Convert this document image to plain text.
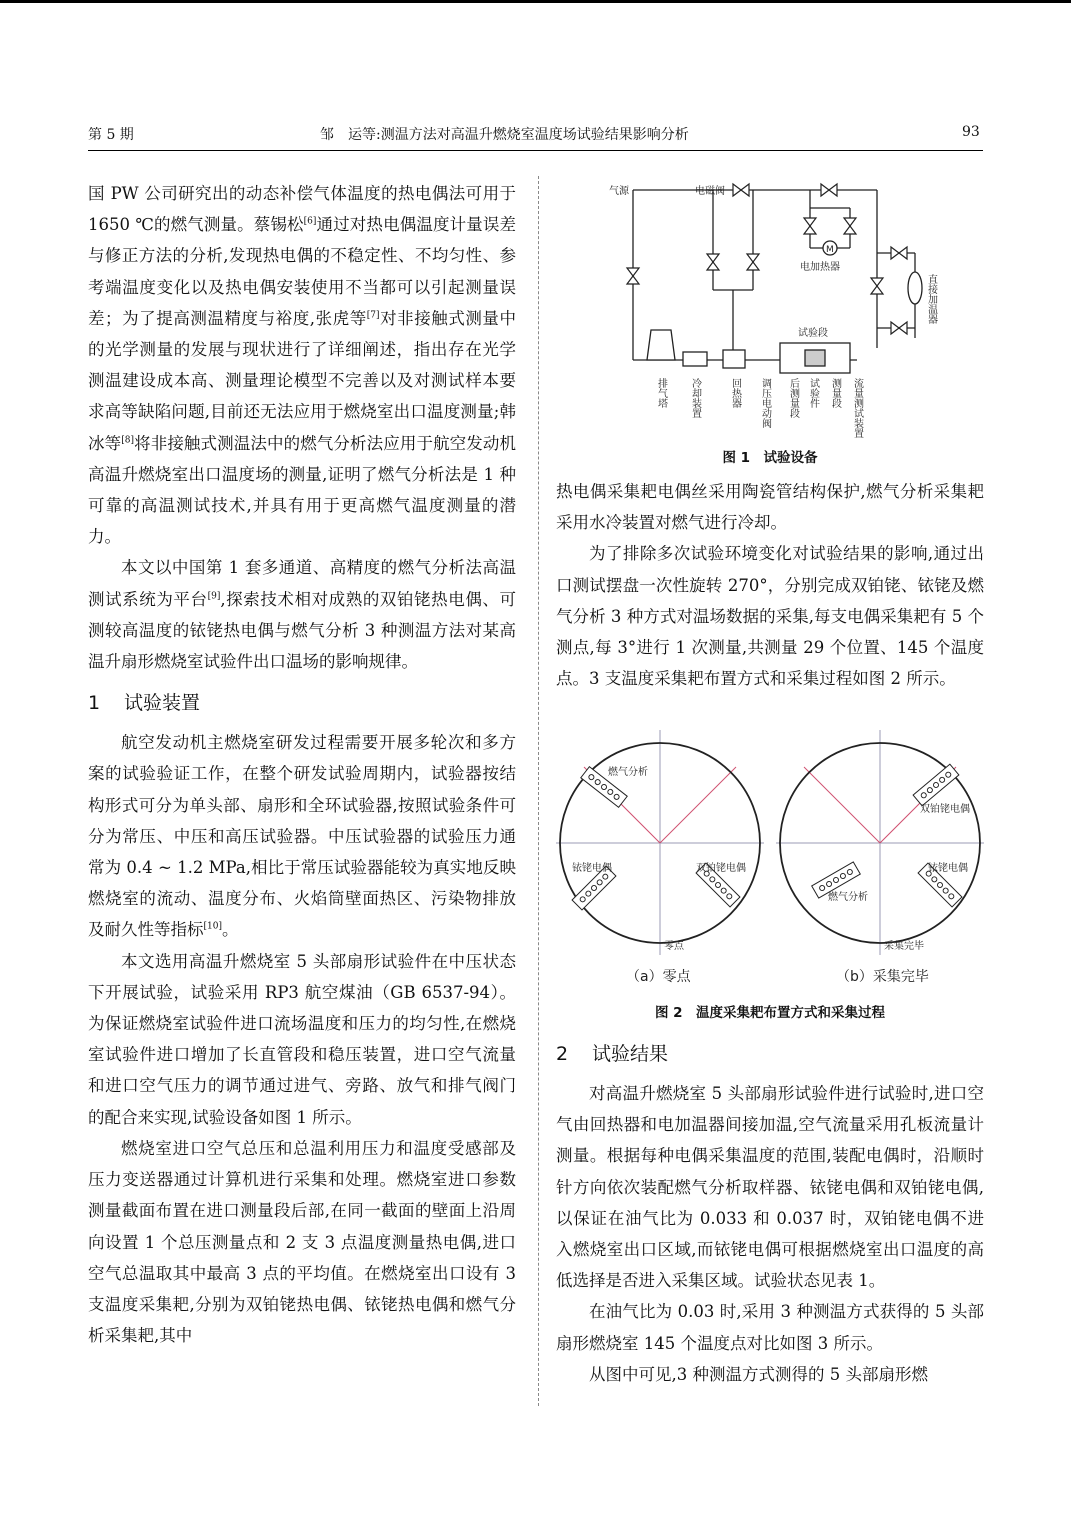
第 5 期	邹　运等:测温方法对高温升燃烧室温度场试验结果影响分析	93

国 PW 公司研究出的动态补偿气体温度的热电偶法可用于 1650 ℃的燃气测量。蔡锡松[6]通过对热电偶温度计量误差与修正方法的分析,发现热电偶的不稳定性、不均匀性、参考端温度变化以及热电偶安装使用不当都可以引起测量误差；为了提高测温精度与裕度,张虎等[7]对非接触式测量中的光学测量的发展与现状进行了详细阐述，指出存在光学测温建设成本高、测量理论模型不完善以及对测试样本要求高等缺陷问题,目前还无法应用于燃烧室出口温度测量;韩冰等[8]将非接触式测温法中的燃气分析法应用于航空发动机高温升燃烧室出口温度场的测量,证明了燃气分析法是 1 种可靠的高温测试技术,并具有用于更高燃气温度测量的潜力。

本文以中国第 1 套多通道、高精度的燃气分析法高温测试系统为平台[9],探索技术相对成熟的双铂铑热电偶、可测较高温度的铱铑热电偶与燃气分析 3 种测温方法对某高温升扇形燃烧室试验件出口温场的影响规律。

1 试验装置

航空发动机主燃烧室研发过程需要开展多轮次和多方案的试验验证工作，在整个研发试验周期内，试验器按结构形式可分为单头部、扇形和全环试验器,按照试验条件可分为常压、中压和高压试验器。中压试验器的试验压力通常为 0.4 ~ 1.2 MPa,相比于常压试验器能较为真实地反映燃烧室的流动、温度分布、火焰筒壁面热区、污染物排放及耐久性等指标[10]。

本文选用高温升燃烧室 5 头部扇形试验件在中压状态下开展试验，试验采用 RP3 航空煤油（GB 6537-94）。为保证燃烧室试验件进口流场温度和压力的均匀性,在燃烧室试验件进口增加了长直管段和稳压装置，进口空气流量和进口空气压力的调节通过进气、旁路、放气和排气阀门的配合来实现,试验设备如图 1 所示。

燃烧室进口空气总压和总温利用压力和温度受感部及压力变送器通过计算机进行采集和处理。燃烧室进口参数测量截面布置在进口测量段后部,在同一截面的壁面上沿周向设置 1 个总压测量点和 2 支 3 点温度测量热电偶,进口空气总温取其中最高 3 点的平均值。在燃烧室出口设有 3 支温度采集耙,分别为双铂铑热电偶、铱铑热电偶和燃气分析采集耙,其中

气源	电磁阀
电加热器
试验段
M
直接加温器
排气塔 冷却装置	回热器 调压电动阀 后测量段 试验件 测量段 流量测试装置
图 1　试验设备

热电偶采集耙电偶丝采用陶瓷管结构保护,燃气分析采集耙采用水冷装置对燃气进行冷却。

为了排除多次试验环境变化对试验结果的影响,通过出口测试摆盘一次性旋转 270°，分别完成双铂铑、铱铑及燃气分析 3 种方式对温场数据的采集,每支电偶采集耙有 5 个测点,每 3°进行 1 次测量,共测量 29 个位置、145 个温度点。3 支温度采集耙布置方式和采集过程如图 2 所示。

燃气分析
铱铑电偶	双铂铑电偶
零点
（a）零点
双铂铑电偶
铱铑电偶
燃气分析
采集完毕
（b）采集完毕
图 2　温度采集耙布置方式和采集过程
2 试验结果

对高温升燃烧室 5 头部扇形试验件进行试验时,进口空气由回热器和电加温器间接加温,空气流量采用孔板流量计测量。根据每种电偶采集温度的范围,装配电偶时，沿顺时针方向依次装配燃气分析取样器、铱铑电偶和双铂铑电偶,以保证在油气比为 0.033 和 0.037 时，双铂铑电偶不进入燃烧室出口区域,而铱铑电偶可根据燃烧室出口温度的高低选择是否进入采集区域。试验状态见表 1。

在油气比为 0.03 时,采用 3 种测温方式获得的 5 头部扇形燃烧室 145 个温度点对比如图 3 所示。

从图中可见,3 种测温方式测得的 5 头部扇形燃
